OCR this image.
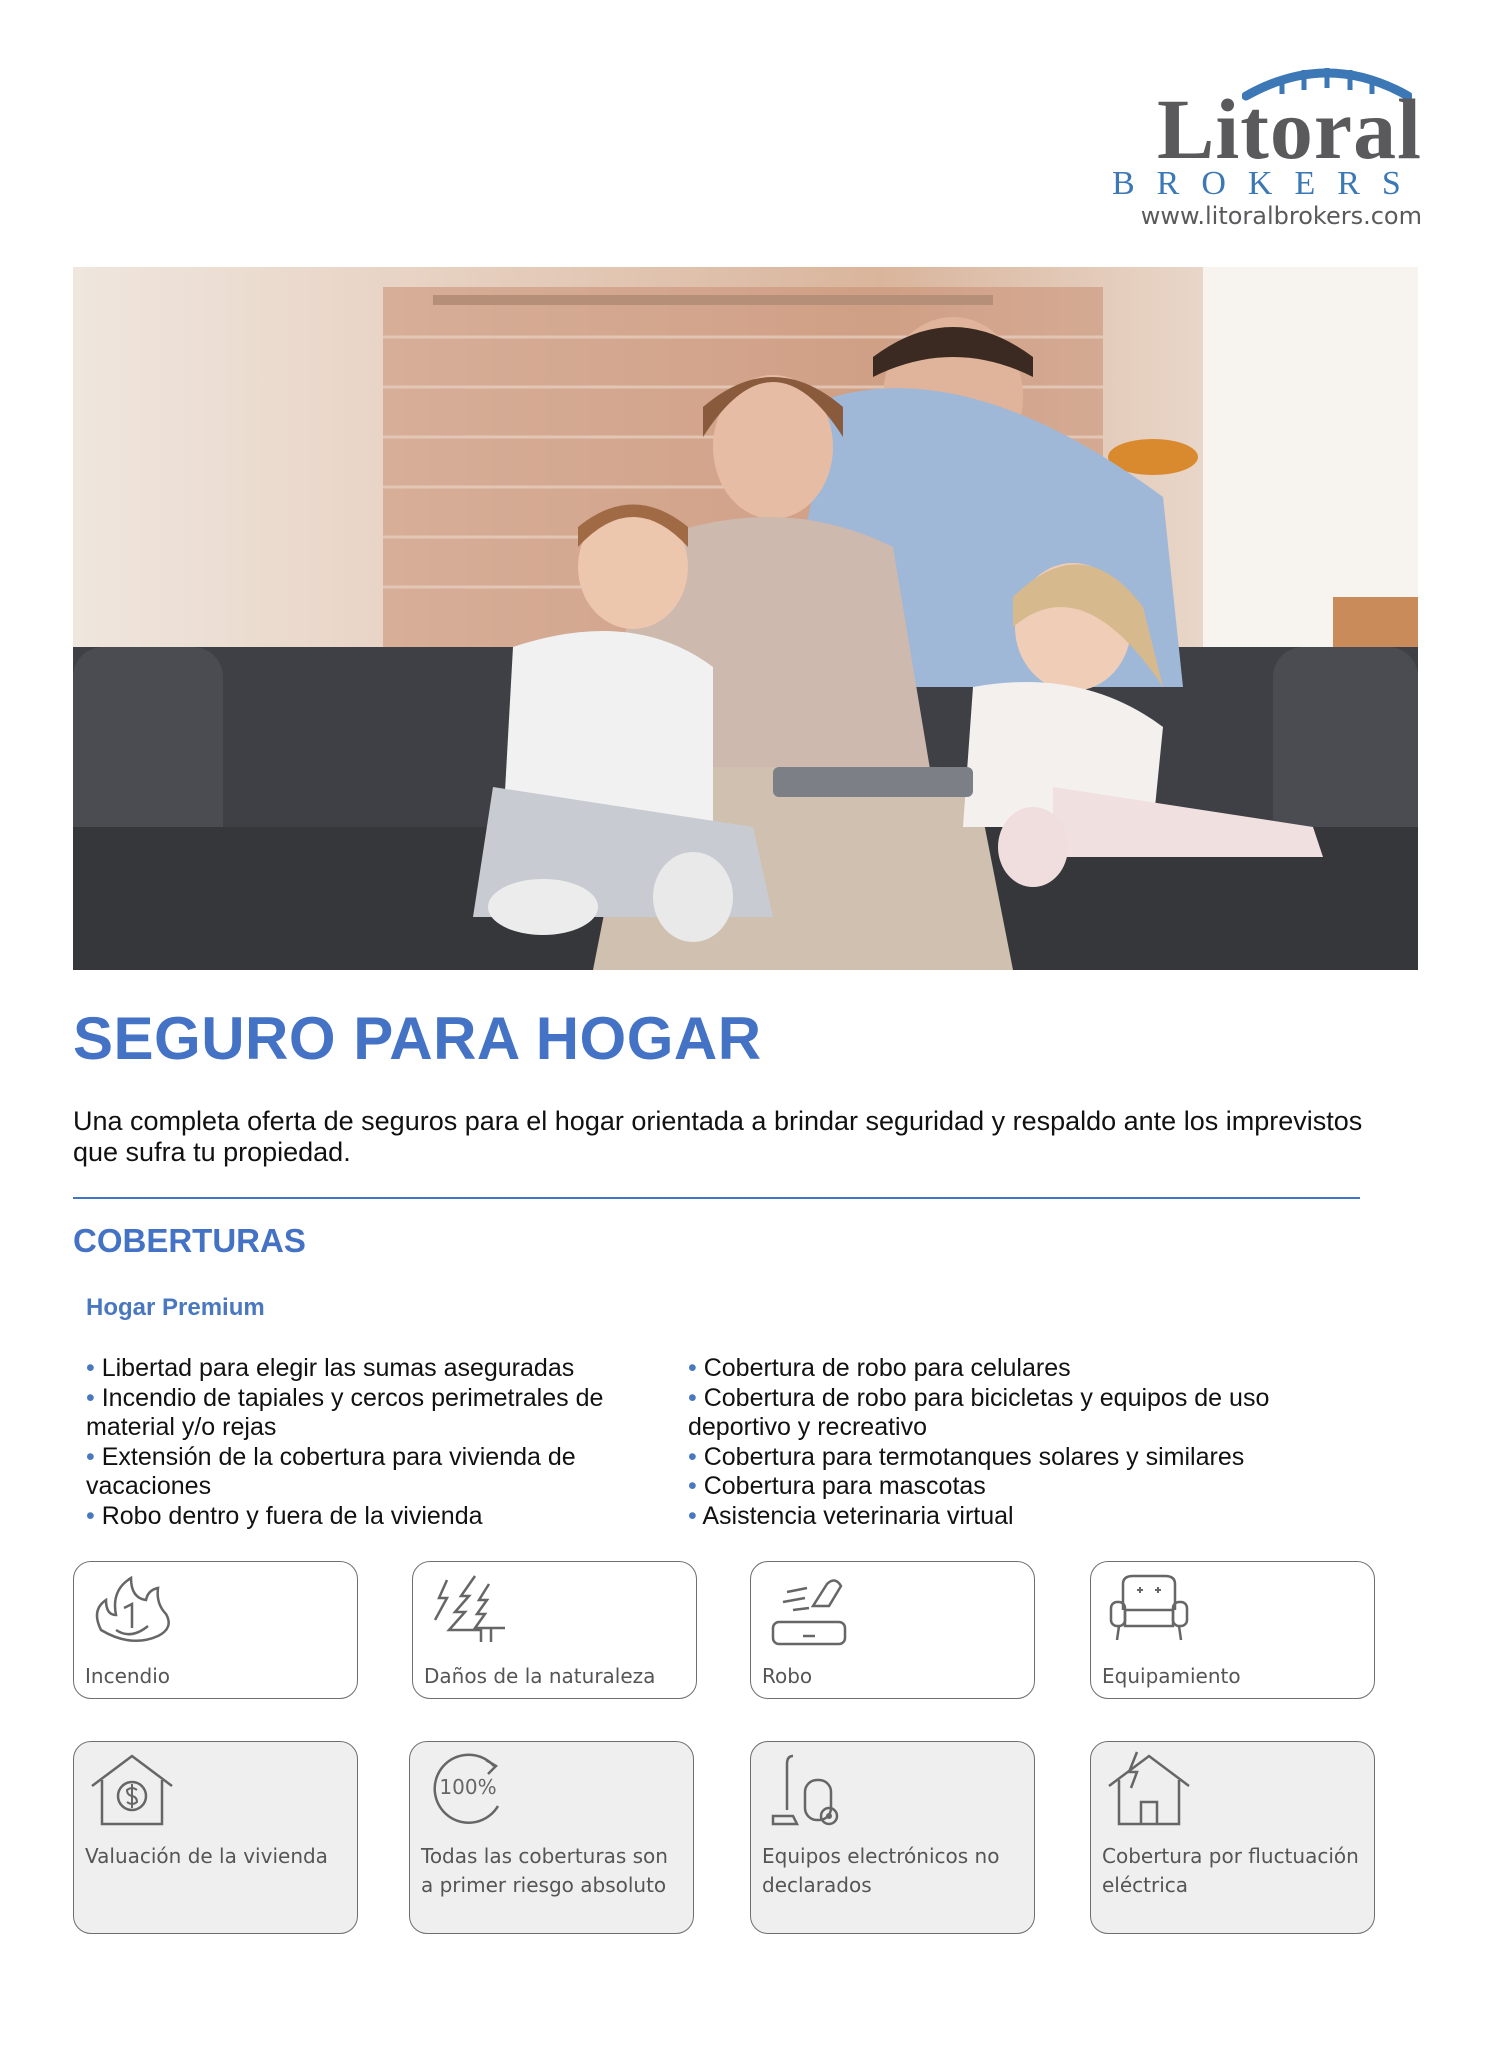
Litoral
BROKERS
www.litoralbrokers.com
SEGURO PARA HOGAR
Una completa oferta de seguros para el hogar orientada a brindar seguridad y respaldo ante los imprevistos que sufra tu propiedad.
COBERTURAS
Hogar Premium
• Libertad para elegir las sumas aseguradas
• Incendio de tapiales y cercos perimetrales de material y/o rejas
• Extensión de la cobertura para vivienda de vacaciones
• Robo dentro y fuera de la vivienda
• Cobertura de robo para celulares
• Cobertura de robo para bicicletas y equipos de uso deportivo y recreativo
• Cobertura para termotanques solares y similares
• Cobertura para mascotas
• Asistencia veterinaria virtual
Incendio	Daños de la naturaleza	Robo	Equipamiento
Valuación de la vivienda
100%
Todas las coberturas son a primer riesgo absoluto
Equipos electrónicos no declarados
Cobertura por fluctuación eléctrica
